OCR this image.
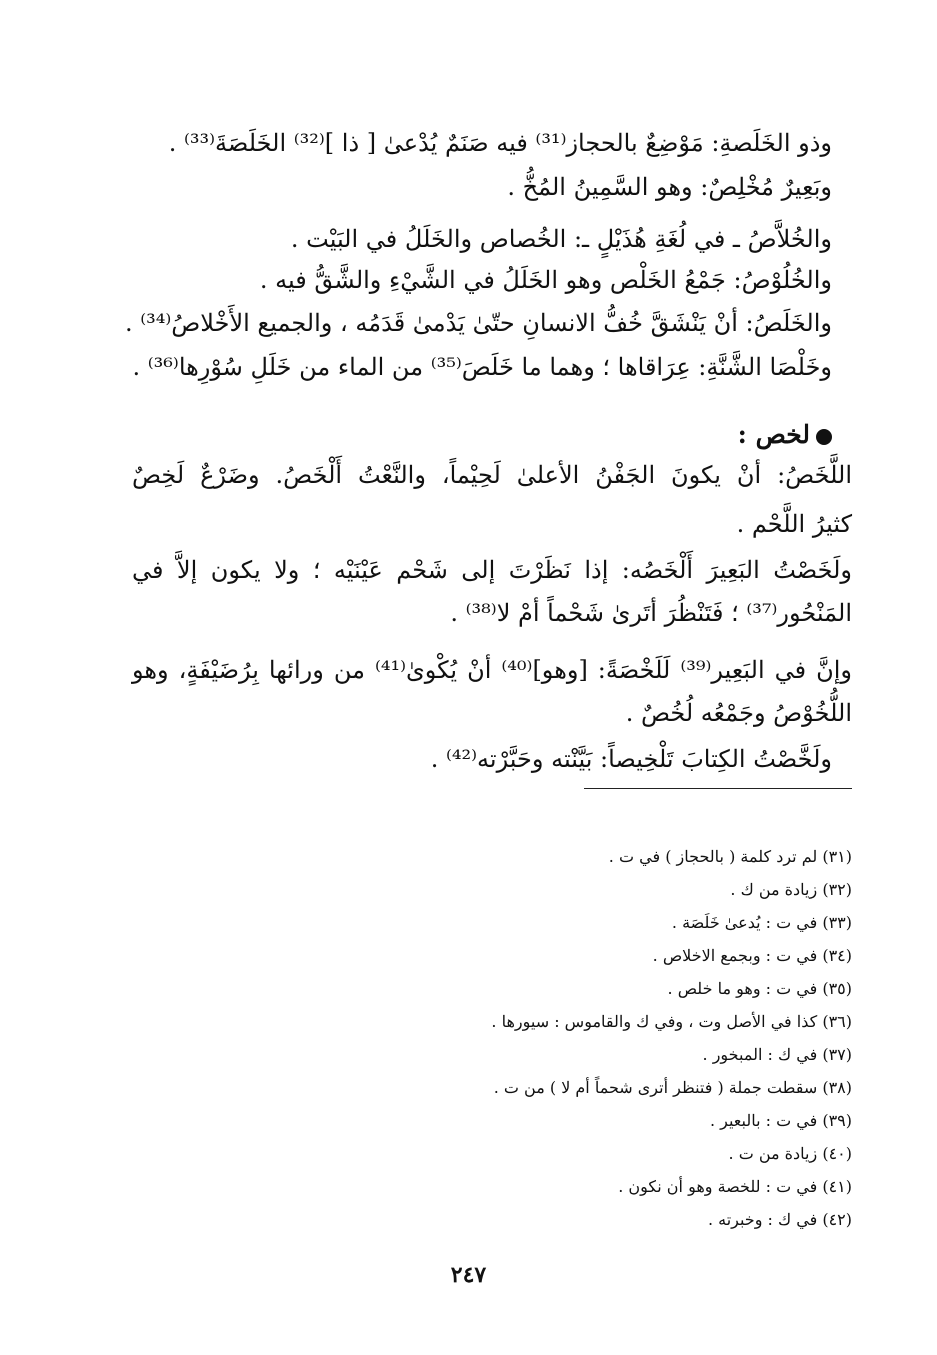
وذو الخَلَصةِ: مَوْضِعٌ بالحجاز⁽³¹⁾ فيه صَنَمٌ يُدْعىٰ [ ذا ]⁽³²⁾ الخَلَصَةَ⁽³³⁾ .
وبَعِيرٌ مُخْلِصٌ: وهو السَّمِينُ المُخُّ .
والخُلاَّصُ ـ في لُغَةِ هُذَيْلٍ ـ: الخُصاص والخَلَلُ في البَيْت .
والخُلُوْصُ: جَمْعُ الخَلْص وهو الخَلَلُ في الشَّيْءِ والشَّقُّ فيه .
والخَلَصُ: أنْ يَنْشَقَّ خُفُّ الانسانِ حتّىٰ يَدْمىٰ قَدَمُه ، والجميع الأَخْلاصُ⁽³⁴⁾ .
وخَلْصَا الشَّنَّةِ: عِرَاقاها ؛ وهما ما خَلَصَ⁽³⁵⁾ من الماء من خَلَلِ سُوْرِها⁽³⁶⁾ .
لخص :
اللَّخَصُ: أنْ يكونَ الجَفْنُ الأعلىٰ لَحِيْماً، والنَّعْتُ أَلْخَصُ. وضَرْعٌ لَخِصٌ
كثيرُ اللَّحْم .
ولَخَصْتُ البَعِيرَ أَلْخَصُه: إذا نَظَرْتَ إلى شَحْم عَيْنَيْه ؛ ولا يكون إلاَّ في
المَنْحُور⁽³⁷⁾ ؛ فَتَنْظُرَ أتَرىٰ شَحْماً أمْ لا⁽³⁸⁾ .
وإنَّ في البَعِير⁽³⁹⁾ لَلَخْصَةً: [وهو]⁽⁴⁰⁾ أنْ يُكْوىٰ⁽⁴¹⁾ من ورائها بِرُضَيْفَةٍ، وهو
اللُّخُوْصُ وجَمْعُه لُخُصٌ .
ولَخَّصْتُ الكِتابَ تَلْخِيصاً: بَيَّنْته وحَبَّرْته⁽⁴²⁾ .
(٣١) لم ترد كلمة ( بالحجاز ) في ت .
(٣٢) زيادة من ك .
(٣٣) في ت : يُدعىٰ خَلَصَة .
(٣٤) في ت : وبجمع الاخلاص .
(٣٥) في ت : وهو ما خلص .
(٣٦) كذا في الأصل وت ، وفي ك والقاموس : سيورها .
(٣٧) في ك : المبخور .
(٣٨) سقطت جملة ( فتنظر أترى شحماً أم لا ) من ت .
(٣٩) في ت : بالبعير .
(٤٠) زيادة من ت .
(٤١) في ت : للخصة وهو أن نكون .
(٤٢) في ك : وخبرته .
٢٤٧
